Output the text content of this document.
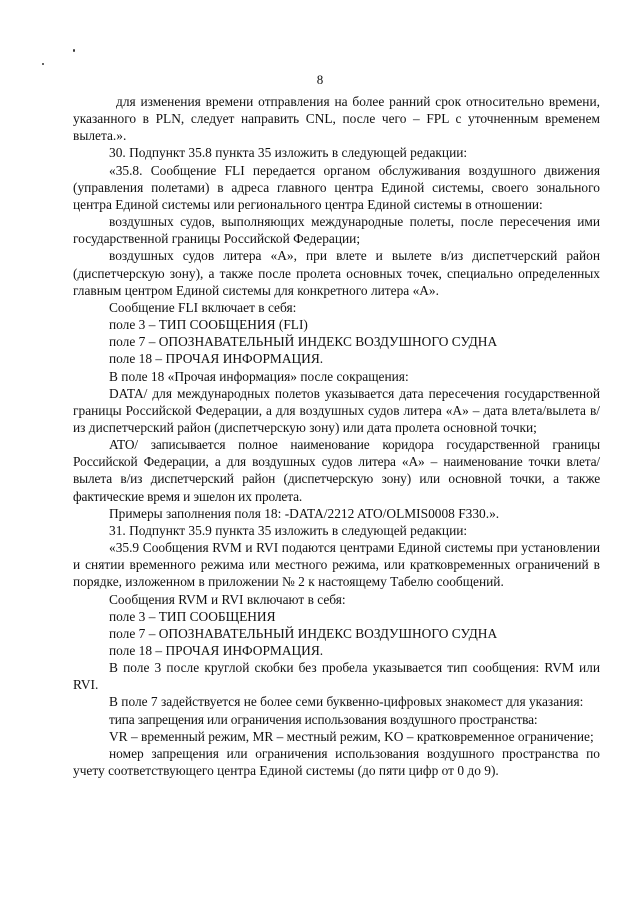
8

для изменения времени отправления на более ранний срок относительно времени, указанного в PLN, следует направить CNL, после чего – FPL с уточненным временем вылета.».

30. Подпункт 35.8 пункта 35 изложить в следующей редакции:

«35.8. Сообщение FLI передается органом обслуживания воздушного движения (управления полетами) в адреса главного центра Единой системы, своего зонального центра Единой системы или регионального центра Единой системы в отношении:

воздушных судов, выполняющих международные полеты, после пересечения ими государственной границы Российской Федерации;

воздушных судов литера «А», при влете и вылете в/из диспетчерский район (диспетчерскую зону), а также после пролета основных точек, специально определенных главным центром Единой системы для конкретного литера «А».

Сообщение FLI включает в себя:

поле 3 – ТИП СООБЩЕНИЯ (FLI)

поле 7 – ОПОЗНАВАТЕЛЬНЫЙ ИНДЕКС ВОЗДУШНОГО СУДНА

поле 18 – ПРОЧАЯ ИНФОРМАЦИЯ.

В поле 18 «Прочая информация» после сокращения:

DATA/ для международных полетов указывается дата пересечения государственной границы Российской Федерации, а для воздушных судов литера «А» – дата влета/вылета в/из диспетчерский район (диспетчерскую зону) или дата пролета основной точки;

ATO/ записывается полное наименование коридора государственной границы Российской Федерации, а для воздушных судов литера «А» – наименование точки влета/вылета в/из диспетчерский район (диспетчерскую зону) или основной точки, а также фактические время и эшелон их пролета.

Примеры заполнения поля 18: -DATA/2212 ATO/OLMIS0008 F330.».

31. Подпункт 35.9 пункта 35 изложить в следующей редакции:

«35.9 Сообщения RVM и RVI подаются центрами Единой системы при установлении и снятии временного режима или местного режима, или кратковременных ограничений в порядке, изложенном в приложении № 2 к настоящему Табелю сообщений.

Сообщения RVM и RVI включают в себя:

поле 3 – ТИП СООБЩЕНИЯ

поле 7 – ОПОЗНАВАТЕЛЬНЫЙ ИНДЕКС ВОЗДУШНОГО СУДНА

поле 18 – ПРОЧАЯ ИНФОРМАЦИЯ.

В поле 3 после круглой скобки без пробела указывается тип сообщения: RVM или RVI.

В поле 7 задействуется не более семи буквенно-цифровых знакомест для указания:

типа запрещения или ограничения использования воздушного пространства:

VR – временный режим, MR – местный режим, KO – кратковременное ограничение;

номер запрещения или ограничения использования воздушного пространства по учету соответствующего центра Единой системы (до пяти цифр от 0 до 9).
